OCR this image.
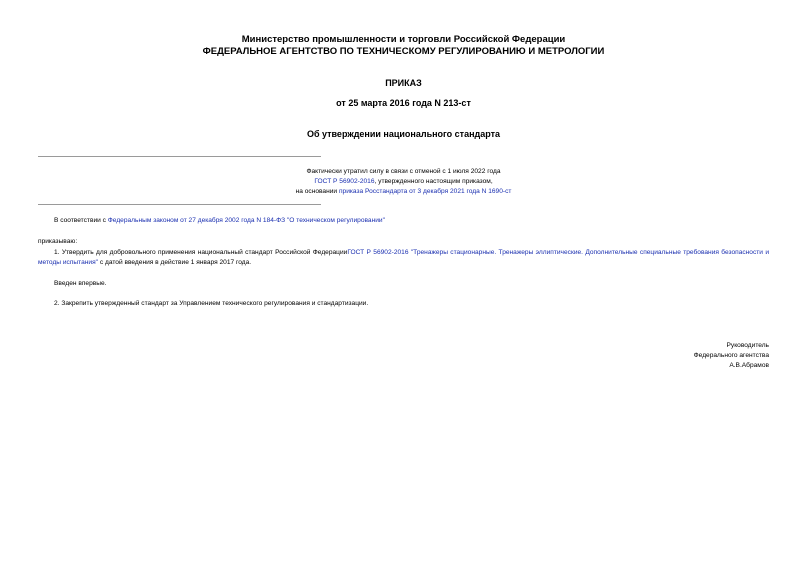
Министерство промышленности и торговли Российской Федерации
ФЕДЕРАЛЬНОЕ АГЕНТСТВО ПО ТЕХНИЧЕСКОМУ РЕГУЛИРОВАНИЮ И МЕТРОЛОГИИ
ПРИКАЗ
от 25 марта 2016 года N 213-ст
Об утверждении национального стандарта
Фактически утратил силу в связи с отменой с 1 июля 2022 года
ГОСТ Р 56902-2016, утвержденного настоящим приказом,
на основании приказа Росстандарта от 3 декабря 2021 года N 1690-ст
В соответствии с Федеральным законом от 27 декабря 2002 года N 184-ФЗ "О техническом регулировании"
приказываю:
1. Утвердить для добровольного применения национальный стандарт Российской ФедерацииГОСТ Р 56902-2016 "Тренажеры стационарные. Тренажеры эллиптические. Дополнительные специальные требования безопасности и методы испытания" с датой введения в действие 1 января 2017 года.
Введен впервые.
2. Закрепить утвержденный стандарт за Управлением технического регулирования и стандартизации.
Руководитель
Федерального агентства
А.В.Абрамов
